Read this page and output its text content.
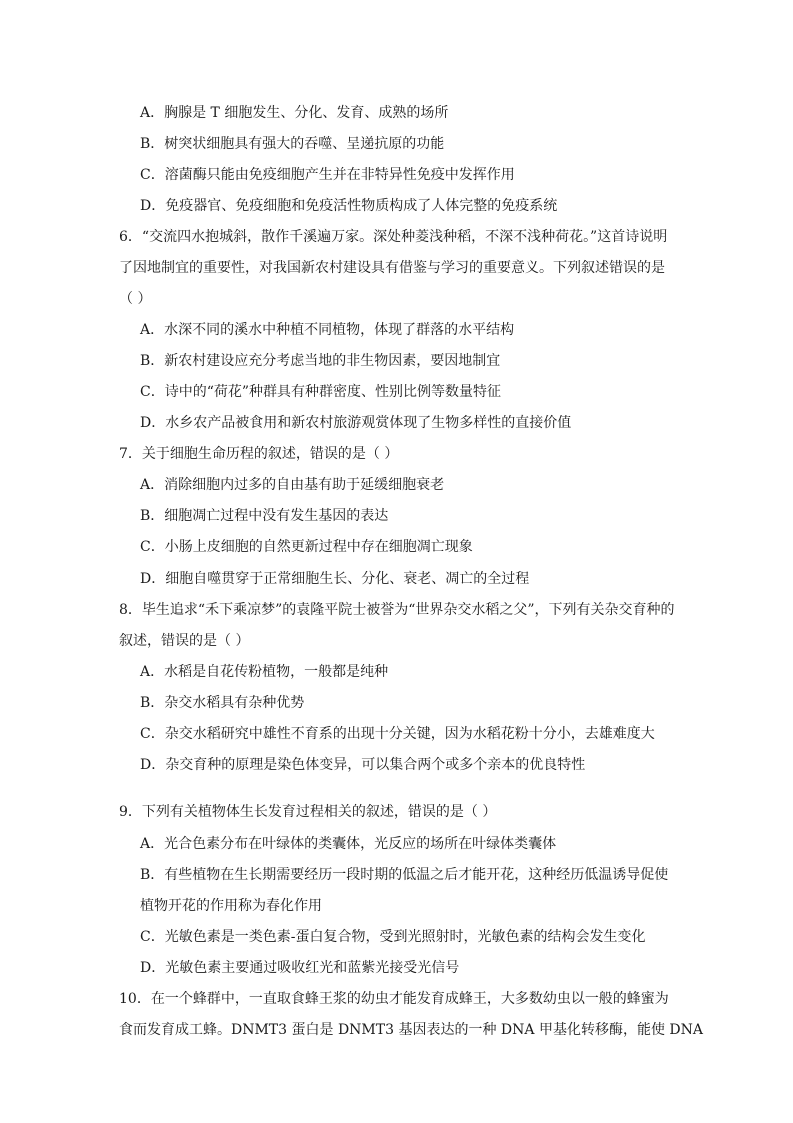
A．胸腺是 T 细胞发生、分化、发育、成熟的场所
B．树突状细胞具有强大的吞噬、呈递抗原的功能
C．溶菌酶只能由免疫细胞产生并在非特异性免疫中发挥作用
D．免疫器官、免疫细胞和免疫活性物质构成了人体完整的免疫系统
6．“交流四水抱城斜，散作千溪遍万家。深处种菱浅种稻，不深不浅种荷花。”这首诗说明
了因地制宜的重要性，对我国新农村建设具有借鉴与学习的重要意义。下列叙述错误的是
（ ）
A．水深不同的溪水中种植不同植物，体现了群落的水平结构
B．新农村建设应充分考虑当地的非生物因素，要因地制宜
C．诗中的“荷花”种群具有种群密度、性别比例等数量特征
D．水乡农产品被食用和新农村旅游观赏体现了生物多样性的直接价值
7．关于细胞生命历程的叙述，错误的是（ ）
A．消除细胞内过多的自由基有助于延缓细胞衰老
B．细胞凋亡过程中没有发生基因的表达
C．小肠上皮细胞的自然更新过程中存在细胞凋亡现象
D．细胞自噬贯穿于正常细胞生长、分化、衰老、凋亡的全过程
8．毕生追求“禾下乘凉梦”的袁隆平院士被誉为“世界杂交水稻之父”，下列有关杂交育种的
叙述，错误的是（ ）
A．水稻是自花传粉植物，一般都是纯种
B．杂交水稻具有杂种优势
C．杂交水稻研究中雄性不育系的出现十分关键，因为水稻花粉十分小，去雄难度大
D．杂交育种的原理是染色体变异，可以集合两个或多个亲本的优良特性
9．下列有关植物体生长发育过程相关的叙述，错误的是（ ）
A．光合色素分布在叶绿体的类囊体，光反应的场所在叶绿体类囊体
B．有些植物在生长期需要经历一段时期的低温之后才能开花，这种经历低温诱导促使
植物开花的作用称为春化作用
C．光敏色素是一类色素-蛋白复合物，受到光照射时，光敏色素的结构会发生变化
D．光敏色素主要通过吸收红光和蓝紫光接受光信号
10．在一个蜂群中，一直取食蜂王浆的幼虫才能发育成蜂王，大多数幼虫以一般的蜂蜜为
食而发育成工蜂。DNMT3 蛋白是 DNMT3 基因表达的一种 DNA 甲基化转移酶，能使 DNA
